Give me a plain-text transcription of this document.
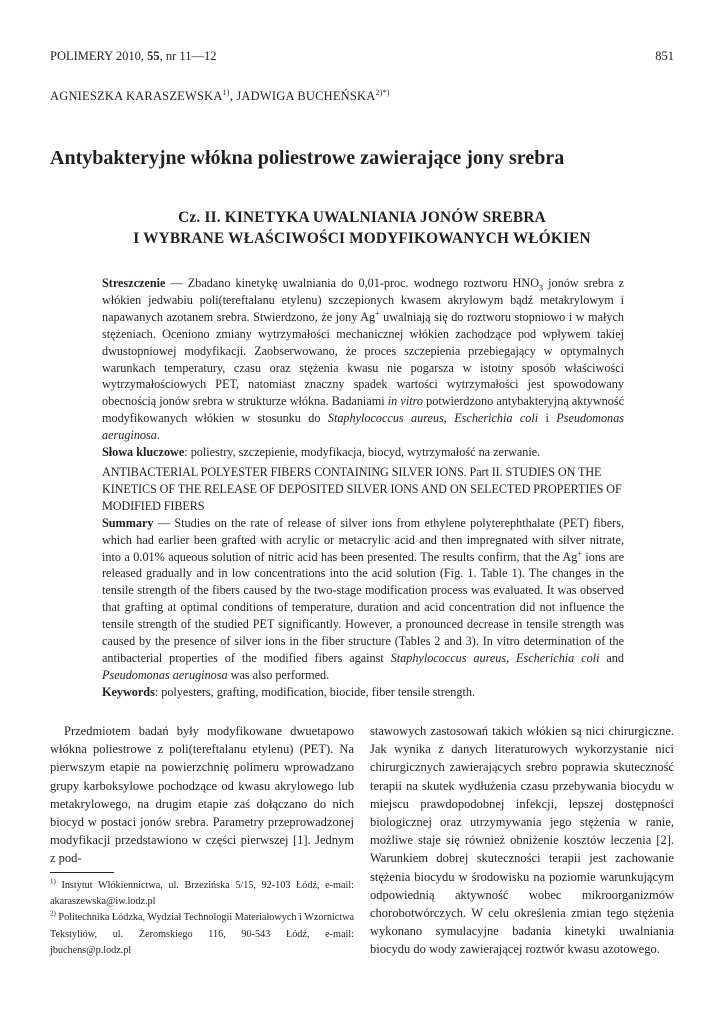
POLIMERY 2010, 55, nr 11—12	851
AGNIESZKA KARASZEWSKA$^{1)}$, JADWIGA $BUCHEŃSKA^{2)*)}$
Antybakteryjne włókna poliestrowe zawierające jony srebra
Cz. II. KINETYKA UWALNIANIA JONÓW SREBRA
I WYBRANE WŁAŚCIWOŚCI MODYFIKOWANYCH WŁÓKIEN
Streszczenie — Zbadano kinetykę uwalniania do 0,01-proc. wodnego roztworu $HNO_3$ jonów srebra z włókien jedwabiu poli(tereftalanu etylenu) szczepionych kwasem akrylowym bądź metakrylowym i napawanych azotanem srebra. Stwierdzono, że jony Ag+ uwalniają się do roztworu stopniowo i w małych stężeniach. Oceniono zmiany wytrzymałości mechanicznej włókien zachodzące pod wpływem takiej dwustopniowej modyfikacji. Zaobserwowano, że proces szczepienia przebiegający w optymalnych warunkach temperatury, czasu oraz stężenia kwasu nie pogarsza w istotny sposób właściwości wytrzymałościowych PET, natomiast znaczny spadek wartości wytrzymałości jest spowodowany obecnością jonów srebra w strukturze włókna. Badaniami in vitro potwierdzono antybakteryjną aktywność modyfikowanych włókien w stosunku do Staphylococcus aureus, Escherichia coli i Pseudomonas aeruginosa.
Słowa kluczowe: poliestry, szczepienie, modyfikacja, biocyd, wytrzymałość na zerwanie.
ANTIBACTERIAL POLYESTER FIBERS CONTAINING SILVER IONS. Part II. STUDIES ON THE KINETICS OF THE RELEASE OF DEPOSITED SILVER IONS AND ON SELECTED PROPERTIES OF MODIFIED FIBERS
Summary — Studies on the rate of release of silver ions from ethylene polyterephthalate (PET) fibers, which had earlier been grafted with acrylic or metacrylic acid and then impregnated with silver nitrate, into a 0.01% aqueous solution of nitric acid has been presented. The results confirm, that the Ag+ ions are released gradually and in low concentrations into the acid solution (Fig. 1. Table 1). The changes in the tensile strength of the fibers caused by the two-stage modification process was evaluated. It was observed that grafting at optimal conditions of temperature, duration and acid concentration did not influence the tensile strength of the studied PET significantly. However, a pronounced decrease in tensile strength was caused by the presence of silver ions in the fiber structure (Tables 2 and 3). In vitro determination of the antibacterial properties of the modified fibers against Staphylococcus aureus, Escherichia coli and Pseudomonas aeruginosa was also performed.
Keywords: polyesters, grafting, modification, biocide, fiber tensile strength.

Przedmiotem badań były modyfikowane dwuetapowo włókna poliestrowe z poli(tereftalanu etylenu) (PET). Na pierwszym etapie na powierzchnię polimeru wprowadzano grupy karboksylowe pochodzące od kwasu akrylowego lub metakrylowego, na drugim etapie zaś dołączano do nich biocyd w postaci jonów srebra. Parametry przeprowadzonej modyfikacji przedstawiono w części pierwszej [1]. Jednym z pod-

stawowych zastosowań takich włókien są nici chirurgiczne. Jak wynika z danych literaturowych wykorzystanie nici chirurgicznych zawierających srebro poprawia skuteczność terapii na skutek wydłużenia czasu przebywania biocydu w miejscu prawdopodobnej infekcji, lepszej dostępności biologicznej oraz utrzymywania jego stężenia w ranie, możliwe staje się również obniżenie kosztów leczenia [2]. Warunkiem dobrej skuteczności terapii jest zachowanie stężenia biocydu w środowisku na poziomie warunkującym odpowiednią aktywność wobec mikroorganizmów chorobotwórczych. W celu określenia zmian tego stężenia wykonano symulacyjne badania kinetyki uwalniania biocydu do wody zawierającej roztwór kwasu azotowego.

$^{1)}$ Instytut Włókiennictwa, ul. Brzezińska 5/15, 92-103 Łódź, e-mail: akaraszewska@iw.lodz.pl

$^{2)}$ Politechnika Łódzka, Wydział Technologii Materiałowych i Wzornictwa Tekstyliów, ul. Żeromskiego 116, 90-543 Łódź, e-mail: jbuchens@p.lodz.pl
